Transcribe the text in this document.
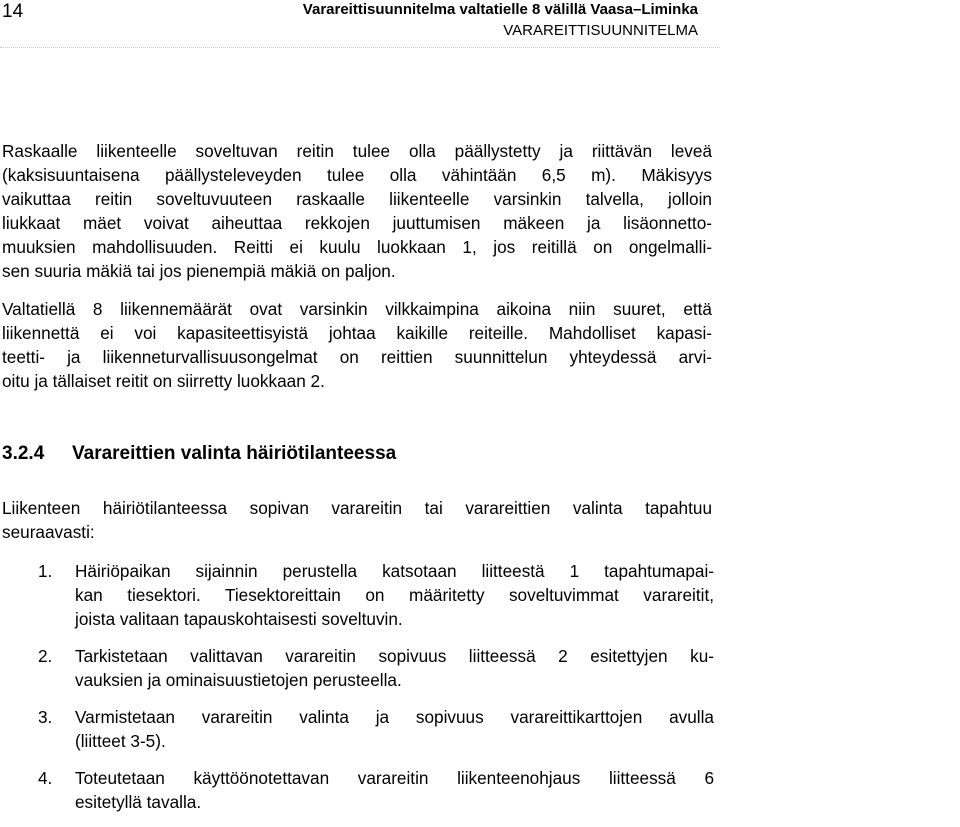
14	Varareittisuunnitelma valtatielle 8 välillä Vaasa–Liminka
VARAREITTISUUNNITELMA

Raskaalle liikenteelle soveltuvan reitin tulee olla päällystetty ja riittävän leveä
(kaksisuuntaisena päällysteleveyden tulee olla vähintään 6,5 m). Mäkisyys
vaikuttaa reitin soveltuvuuteen raskaalle liikenteelle varsinkin talvella, jolloin
liukkaat mäet voivat aiheuttaa rekkojen juuttumisen mäkeen ja lisäonnetto-
muuksien mahdollisuuden. Reitti ei kuulu luokkaan 1, jos reitillä on ongelmalli-
sen suuria mäkiä tai jos pienempiä mäkiä on paljon.

Valtatiellä 8 liikennemäärät ovat varsinkin vilkkaimpina aikoina niin suuret, että
liikennettä ei voi kapasiteettisyistä johtaa kaikille reiteille. Mahdolliset kapasi-
teetti- ja liikenneturvallisuusongelmat on reittien suunnittelun yhteydessä arvi-
oitu ja tällaiset reitit on siirretty luokkaan 2.

3.2.4 Varareittien valinta häiriötilanteessa

Liikenteen häiriötilanteessa sopivan varareitin tai varareittien valinta tapahtuu
seuraavasti:

1. Häiriöpaikan sijainnin perustella katsotaan liitteestä 1 tapahtumapai-
kan tiesektori. Tiesektoreittain on määritetty soveltuvimmat varareitit,
joista valitaan tapauskohtaisesti soveltuvin.
2. Tarkistetaan valittavan varareitin sopivuus liitteessä 2 esitettyjen ku-
vauksien ja ominaisuustietojen perusteella.
3. Varmistetaan varareitin valinta ja sopivuus varareittikarttojen avulla
(liitteet 3-5).
4. Toteutetaan käyttöönotettavan varareitin liikenteenohjaus liitteessä 6
esitetyllä tavalla.
